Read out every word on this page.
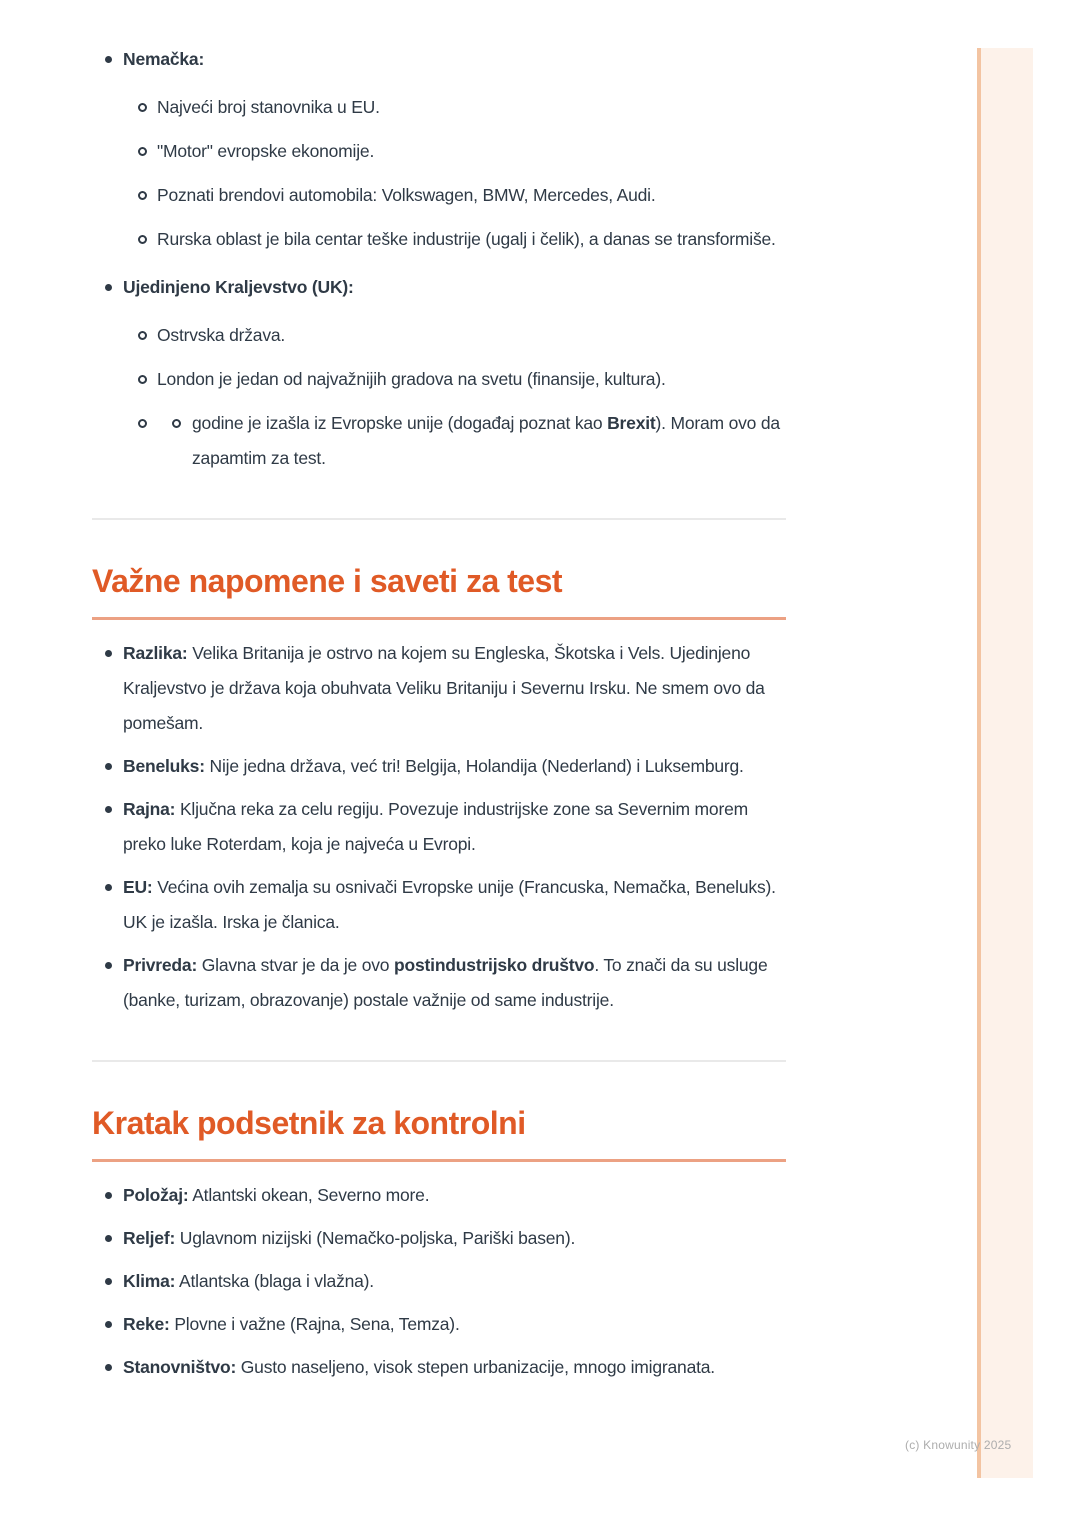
(c) Knowunity 2025
Nemačka:
Najveći broj stanovnika u EU.
"Motor" evropske ekonomije.
Poznati brendovi automobila: Volkswagen, BMW, Mercedes, Audi.
Rurska oblast je bila centar teške industrije (ugalj i čelik), a danas se transformiše.
Ujedinjeno Kraljevstvo (UK):
Ostrvska država.
London je jedan od najvažnijih gradova na svetu (finansije, kultura).
godine je izašla iz Evropske unije (događaj poznat kao Brexit). Moram ovo da zapamtim za test.
Važne napomene i saveti za test
Razlika: Velika Britanija je ostrvo na kojem su Engleska, Škotska i Vels. Ujedinjeno Kraljevstvo je država koja obuhvata Veliku Britaniju i Severnu Irsku. Ne smem ovo da pomešam.
Beneluks: Nije jedna država, već tri! Belgija, Holandija (Nederland) i Luksemburg.
Rajna: Ključna reka za celu regiju. Povezuje industrijske zone sa Severnim morem preko luke Roterdam, koja je najveća u Evropi.
EU: Većina ovih zemalja su osnivači Evropske unije (Francuska, Nemačka, Beneluks). UK je izašla. Irska je članica.
Privreda: Glavna stvar je da je ovo postindustrijsko društvo. To znači da su usluge (banke, turizam, obrazovanje) postale važnije od same industrije.
Kratak podsetnik za kontrolni
Položaj: Atlantski okean, Severno more.
Reljef: Uglavnom nizijski (Nemačko-poljska, Pariški basen).
Klima: Atlantska (blaga i vlažna).
Reke: Plovne i važne (Rajna, Sena, Temza).
Stanovništvo: Gusto naseljeno, visok stepen urbanizacije, mnogo imigranata.
